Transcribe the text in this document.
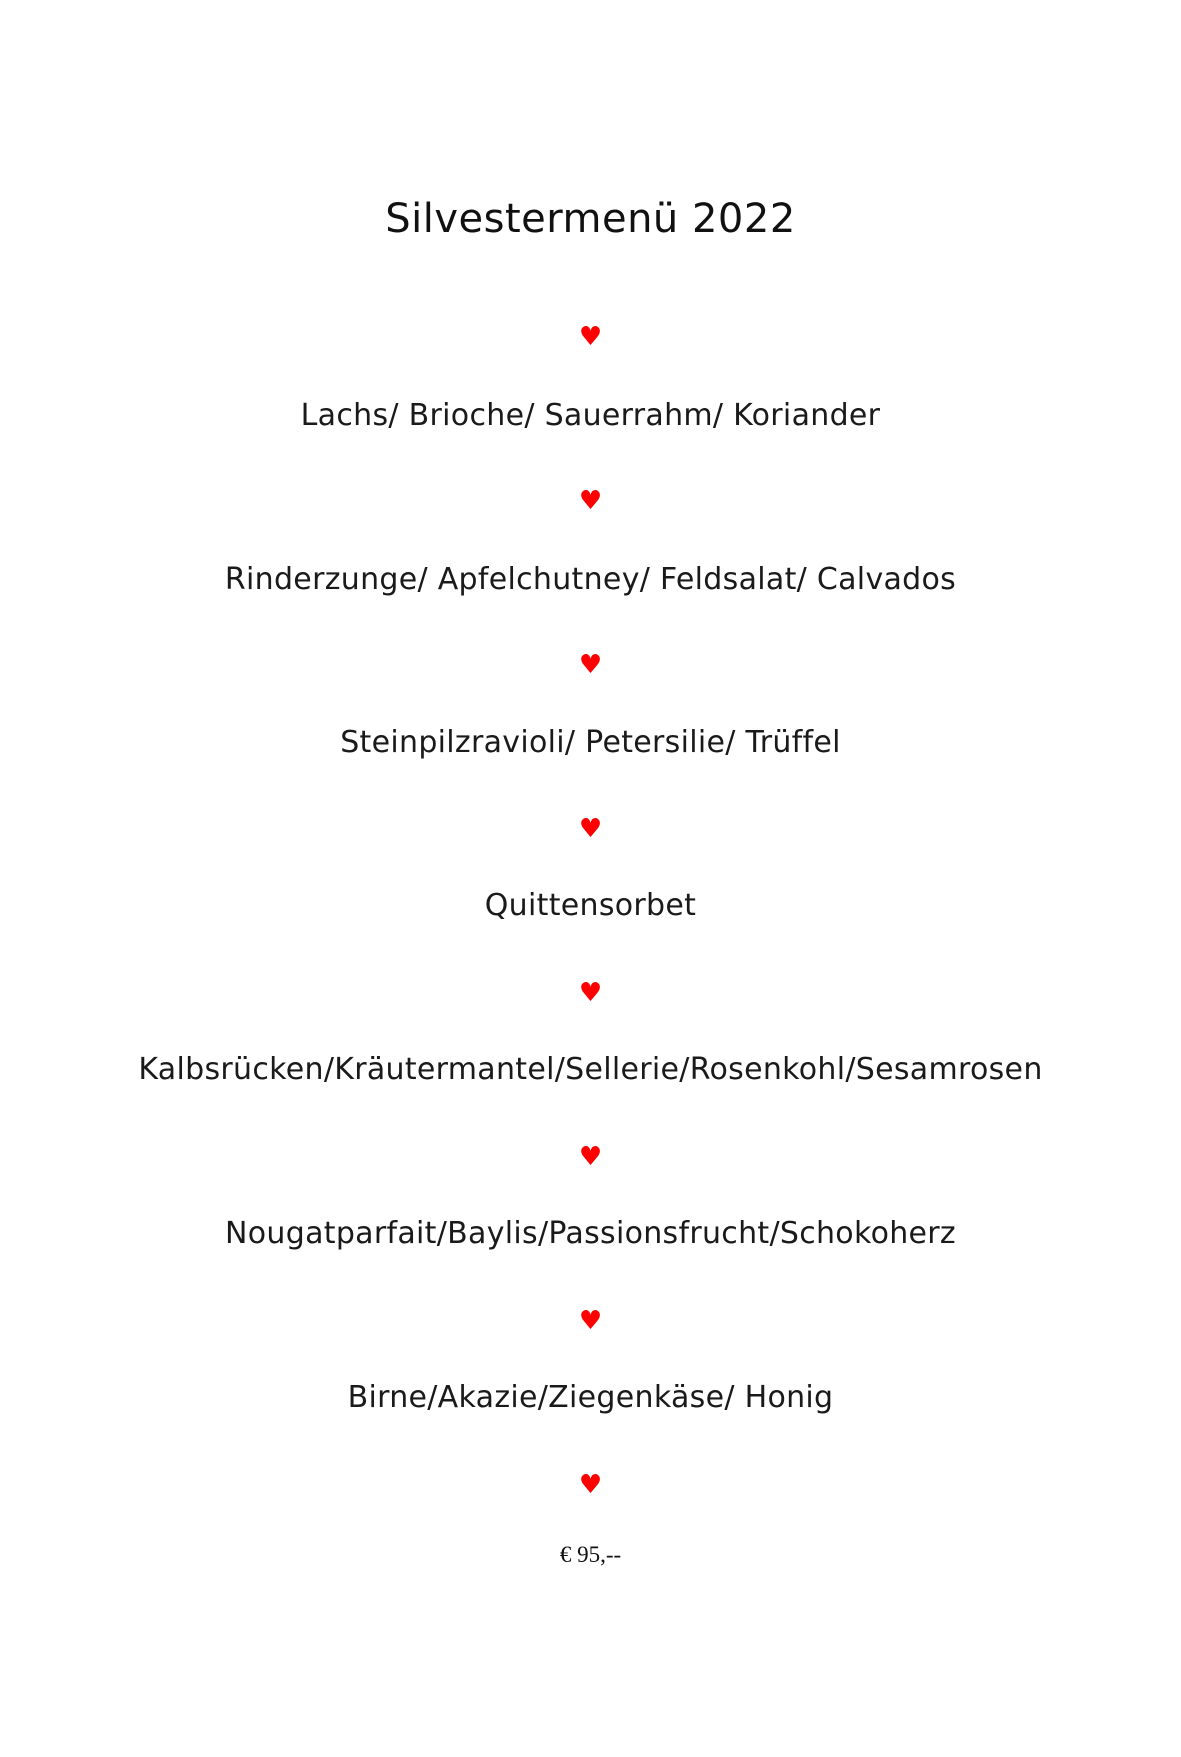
Silvestermenü 2022
♥
Lachs/ Brioche/ Sauerrahm/ Koriander
♥
Rinderzunge/ Apfelchutney/ Feldsalat/ Calvados
♥
Steinpilzravioli/ Petersilie/ Trüffel
♥
Quittensorbet
♥
Kalbsrücken/Kräutermantel/Sellerie/Rosenkohl/Sesamrosen
♥
Nougatparfait/Baylis/Passionsfrucht/Schokoherz
♥
Birne/Akazie/Ziegenkäse/ Honig
♥
€ 95,--
